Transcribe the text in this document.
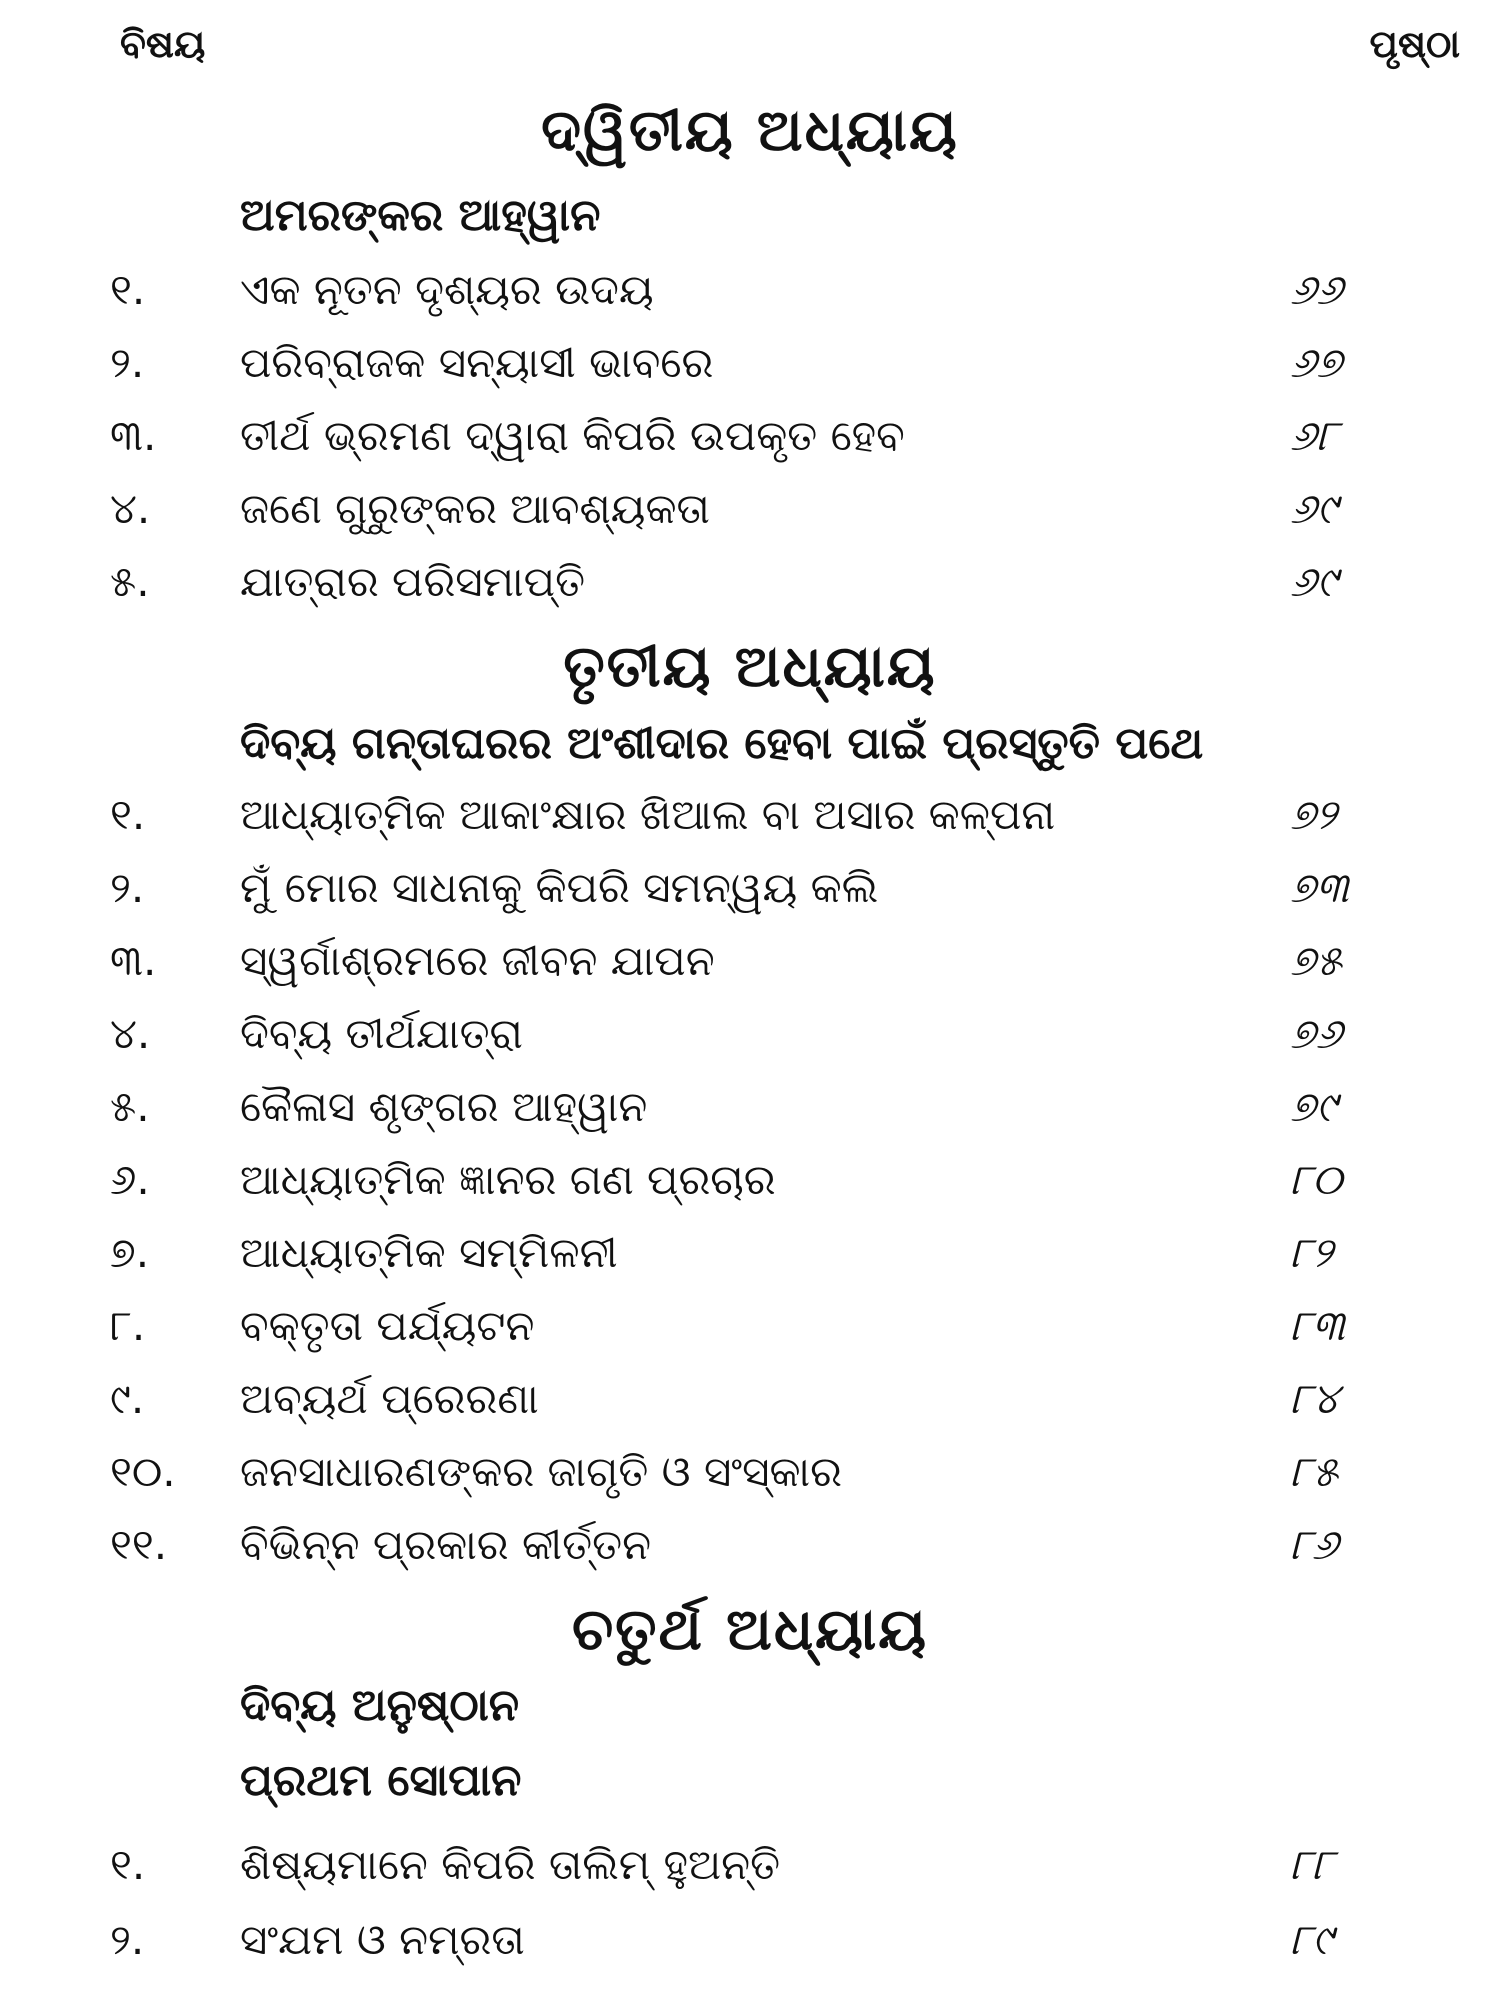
ବିଷୟ	ପୃଷ୍ଠା
ଦ୍ୱିତୀୟ ଅଧ୍ୟାୟ
ଅମରଙ୍କର ଆହ୍ୱାନ
୧. ଏକ ନୂତନ ଦୃଶ୍ୟର ଉଦୟ	୬୬
୨. ପରିବ୍ରାଜକ ସନ୍ୟାସୀ ଭାବରେ	୬୭
୩. ତୀର୍ଥ ଭ୍ରମଣ ଦ୍ୱାରା କିପରି ଉପକୃତ ହେବ	୬୮
୪. ଜଣେ ଗୁରୁଙ୍କର ଆବଶ୍ୟକତା	୬୯
୫. ଯାତ୍ରାର ପରିସମାପ୍ତି	୬୯
ତୃତୀୟ ଅଧ୍ୟାୟ
ଦିବ୍ୟ ଗନ୍ତାଘରର ଅଂଶୀଦାର ହେବା ପାଇଁ ପ୍ରସ୍ତୁତି ପଥେ
୧. ଆଧ୍ୟାତ୍ମିକ ଆକାଂକ୍ଷାର ଖିଆଲ ବା ଅସାର କଳ୍ପନା	୭୨
୨. ମୁଁ ମୋର ସାଧନାକୁ କିପରି ସମନ୍ୱୟ କଲି	୭୩
୩. ସ୍ୱର୍ଗାଶ୍ରମରେ ଜୀବନ ଯାପନ	୭୫
୪. ଦିବ୍ୟ ତୀର୍ଥଯାତ୍ରା	୭୬
୫. କୈଳାସ ଶୃଙ୍ଗର ଆହ୍ୱାନ	୭୯
୬. ଆଧ୍ୟାତ୍ମିକ ଜ୍ଞାନର ଗଣ ପ୍ରଚାର	୮୦
୭. ଆଧ୍ୟାତ୍ମିକ ସମ୍ମିଳନୀ	୮୨
୮. ବକ୍ତୃତା ପର୍ଯ୍ୟଟନ	୮୩
୯. ଅବ୍ୟର୍ଥ ପ୍ରେରଣା	୮୪
୧୦. ଜନସାଧାରଣଙ୍କର ଜାଗୃତି ଓ ସଂସ୍କାର	୮୫
୧୧. ବିଭିନ୍ନ ପ୍ରକାର କୀର୍ତ୍ତନ	୮୬
ଚତୁର୍ଥ ଅଧ୍ୟାୟ
ଦିବ୍ୟ ଅନୁଷ୍ଠାନ
ପ୍ରଥମ ସୋପାନ
୧. ଶିଷ୍ୟମାନେ କିପରି ତାଲିମ୍ ହୁଅନ୍ତି	୮୮
୨. ସଂଯମ ଓ ନମ୍ରତା	୮୯
